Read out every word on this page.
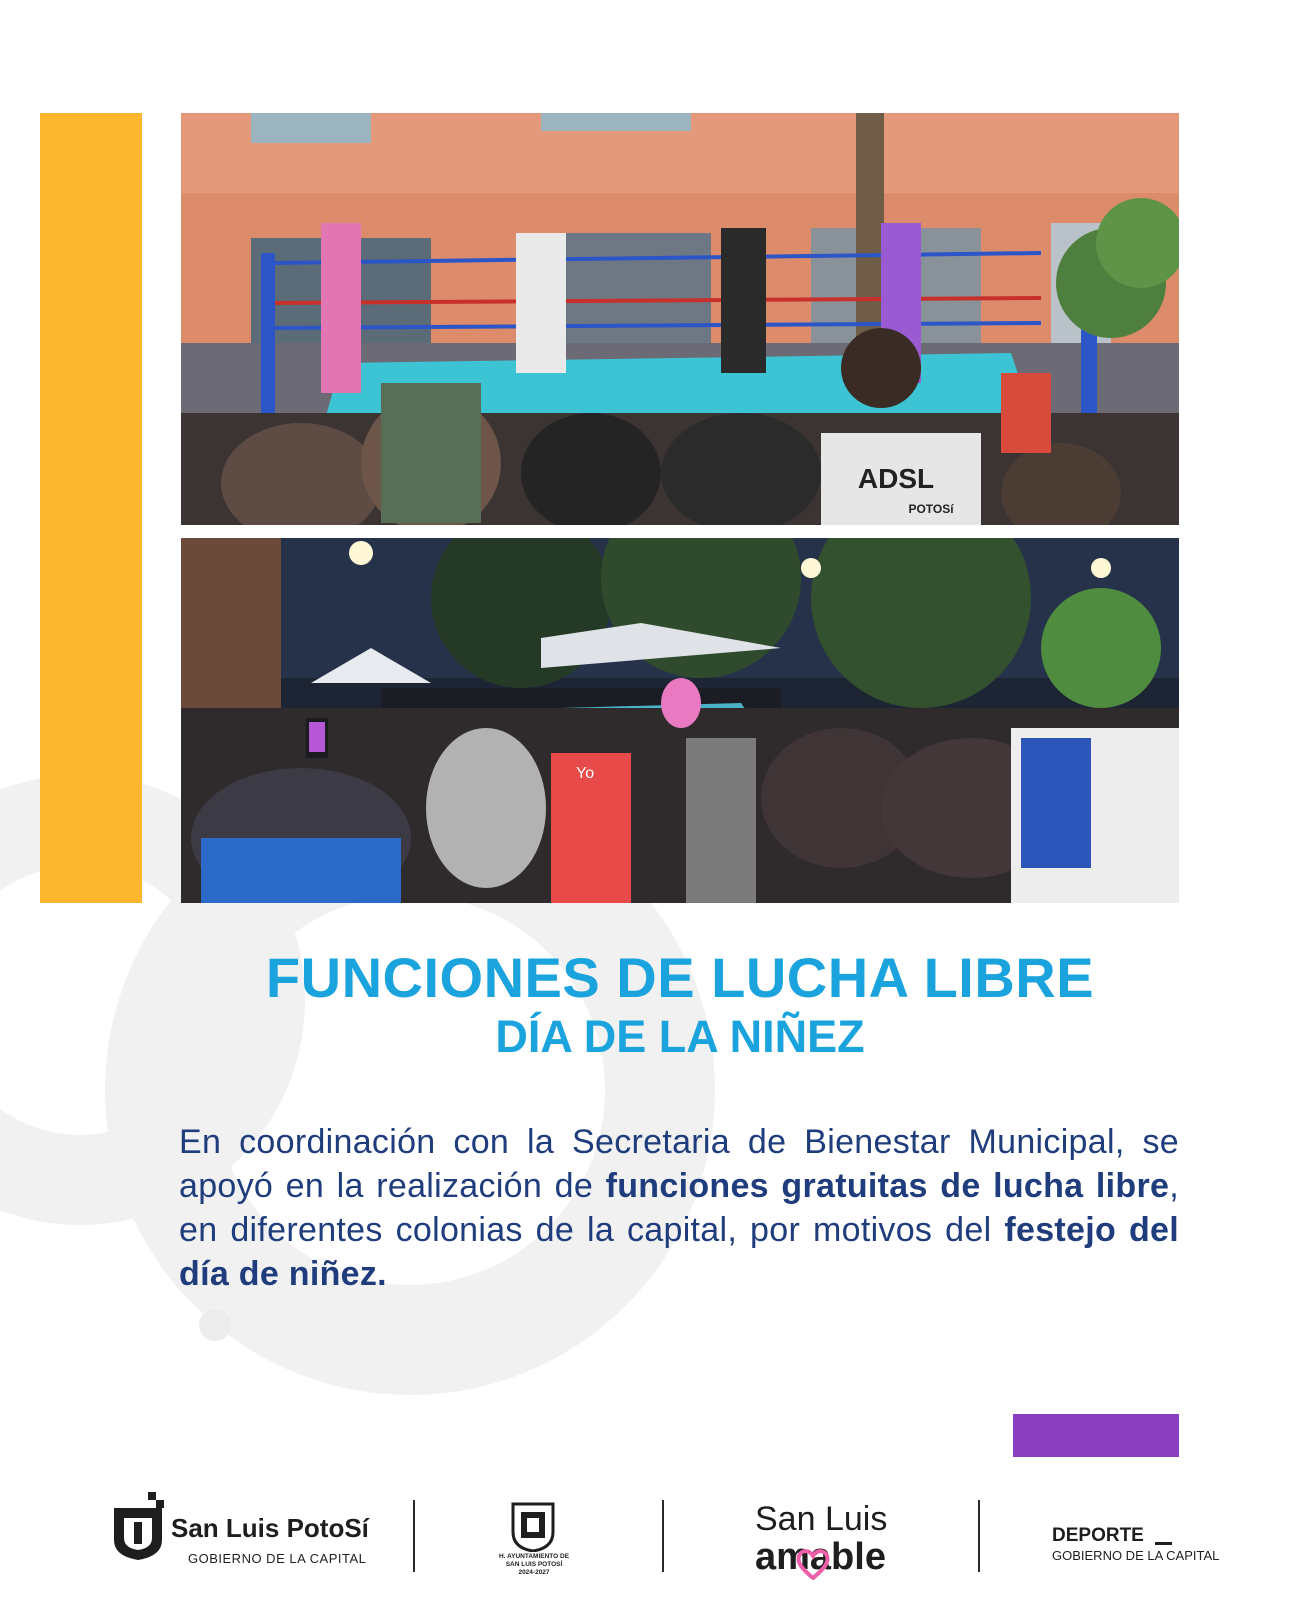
ADSL
POTOSí
Yo
FUNCIONES DE LUCHA LIBRE
DÍA DE LA NIÑEZ

En coordinación con la Secretaria de Bienestar Municipal, se apoyó en la realización de funciones gratuitas de lucha libre, en diferentes colonias de la capital, por motivos del festejo del día de niñez.

San Luis PotoSí
GOBIERNO DE LA CAPITAL	H. AYUNTAMIENTO DE
SAN LUIS POTOSÍ
2024-2027
San Luis
amable
DEPORTE
GOBIERNO DE LA CAPITAL
